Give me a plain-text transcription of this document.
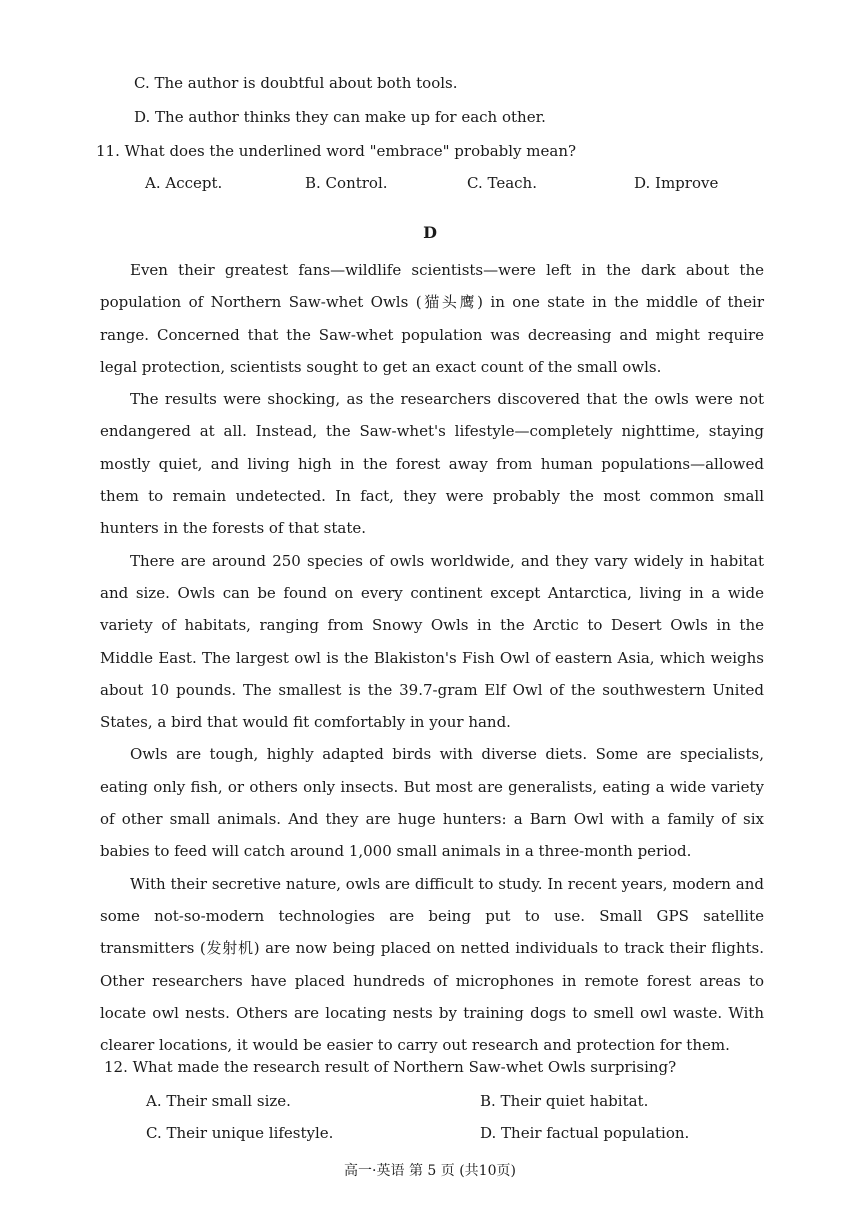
C. The author is doubtful about both tools.
D. The author thinks they can make up for each other.
11. What does the underlined word "embrace" probably mean?
A. Accept.	B. Control.	C. Teach.	D. Improve
D

Even their greatest fans—wildlife scientists—were left in the dark about the population of Northern Saw-whet Owls (猫头鹰) in one state in the middle of their range. Concerned that the Saw-whet population was decreasing and might require legal protection, scientists sought to get an exact count of the small owls.

The results were shocking, as the researchers discovered that the owls were not endangered at all. Instead, the Saw-whet's lifestyle—completely nighttime, staying mostly quiet, and living high in the forest away from human populations—allowed them to remain undetected. In fact, they were probably the most common small hunters in the forests of that state.

There are around 250 species of owls worldwide, and they vary widely in habitat and size. Owls can be found on every continent except Antarctica, living in a wide variety of habitats, ranging from Snowy Owls in the Arctic to Desert Owls in the Middle East. The largest owl is the Blakiston's Fish Owl of eastern Asia, which weighs about 10 pounds. The smallest is the 39.7-gram Elf Owl of the southwestern United States, a bird that would fit comfortably in your hand.

Owls are tough, highly adapted birds with diverse diets. Some are specialists, eating only fish, or others only insects. But most are generalists, eating a wide variety of other small animals. And they are huge hunters: a Barn Owl with a family of six babies to feed will catch around 1,000 small animals in a three-month period.

With their secretive nature, owls are difficult to study. In recent years, modern and some not-so-modern technologies are being put to use. Small GPS satellite transmitters (发射机) are now being placed on netted individuals to track their flights. Other researchers have placed hundreds of microphones in remote forest areas to locate owl nests. Others are locating nests by training dogs to smell owl waste. With clearer locations, it would be easier to carry out research and protection for them.

12. What made the research result of Northern Saw-whet Owls surprising?
A. Their small size.	B. Their quiet habitat.
C. Their unique lifestyle.	D. Their factual population.
高一·英语 第 5 页 (共10页)
